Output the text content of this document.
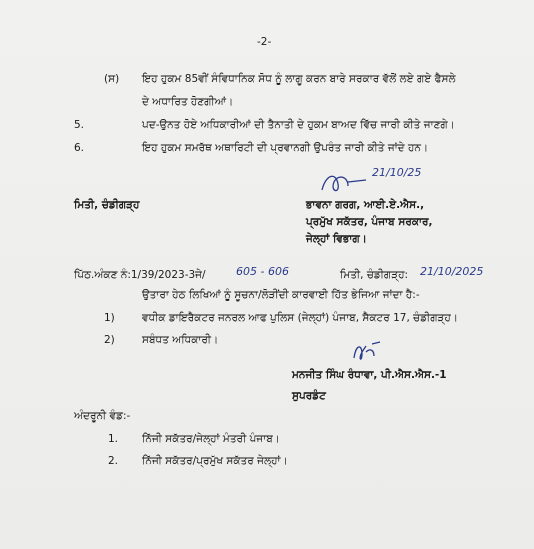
-2-
(ਸ) ਇਹ ਹੁਕਮ 85ਵੀਂ ਸੰਵਿਧਾਨਿਕ ਸੋਧ ਨੂੰ ਲਾਗੂ ਕਰਨ ਬਾਰੇ ਸਰਕਾਰ ਵੱਲੋਂ ਲਏ ਗਏ ਫੈਸਲੇ
ਦੇ ਅਧਾਰਿਤ ਹੋਣਗੀਆਂ।
5.	ਪਦ-ਉਨਤ ਹੋਏ ਅਧਿਕਾਰੀਆਂ ਦੀ ਤੈਨਾਤੀ ਦੇ ਹੁਕਮ ਬਾਅਦ ਵਿੱਚ ਜਾਰੀ ਕੀਤੇ ਜਾਣਗੇ।
6.	ਇਹ ਹੁਕਮ ਸਮਰੱਥ ਅਥਾਰਿਟੀ ਦੀ ਪ੍ਰਵਾਨਗੀ ਉਪਰੰਤ ਜਾਰੀ ਕੀਤੇ ਜਾਂਦੇ ਹਨ।
ਮਿਤੀ, ਚੰਡੀਗੜ੍ਹ
21/10/25
ਭਾਵਨਾ ਗਰਗ, ਆਈ.ਏ.ਐਸ.,
ਪ੍ਰਮੁੱਖ ਸਕੱਤਰ, ਪੰਜਾਬ ਸਰਕਾਰ,
ਜੇਲ੍ਹਾਂ ਵਿਭਾਗ।
ਪਿੱਠ.ਅੰਕਣ ਨੰ:1/39/2023-3ਜੇ/	605 - 606	ਮਿਤੀ, ਚੰਡੀਗੜ੍ਹ: 21/10/2025
ਉਤਾਰਾ ਹੇਠ ਲਿਖਿਆਂ ਨੂੰ ਸੂਚਨਾ/ਲੋੜੀਂਦੀ ਕਾਰਵਾਈ ਹਿੱਤ ਭੇਜਿਆ ਜਾਂਦਾ ਹੈ:-
1)	ਵਧੀਕ ਡਾਇਰੈਕਟਰ ਜਨਰਲ ਆਫ ਪੁਲਿਸ (ਜੇਲ੍ਹਾਂ) ਪੰਜਾਬ, ਸੈਕਟਰ 17, ਚੰਡੀਗੜ੍ਹ।
2)	ਸਬੰਧਤ ਅਧਿਕਾਰੀ।
ਮਨਜੀਤ ਸਿੰਘ ਰੰਧਾਵਾ, ਪੀ.ਐਸ.ਐਸ.-1
ਸੁਪਰਡੰਟ
ਅੰਦਰੂਨੀ ਵੰਡ:-
1. ਨਿੱਜੀ ਸਕੱਤਰ/ਜੇਲ੍ਹਾਂ ਮੰਤਰੀ ਪੰਜਾਬ।
2. ਨਿੱਜੀ ਸਕੱਤਰ/ਪ੍ਰਮੁੱਖ ਸਕੱਤਰ ਜੇਲ੍ਹਾਂ।
